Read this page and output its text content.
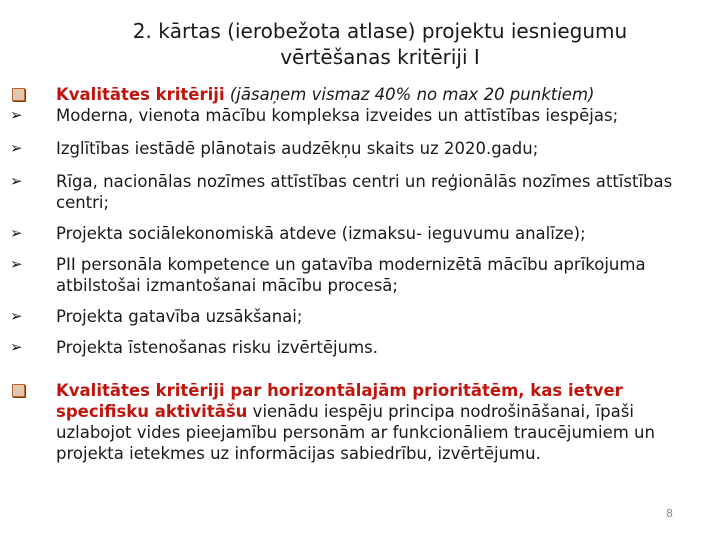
2. kārtas (ierobežota atlase) projektu iesniegumu
vērtēšanas kritēriji I
Kvalitātes kritēriji (jāsaņem vismaz 40% no max 20 punktiem)
➢ Moderna, vienota mācību kompleksa izveides un attīstības iespējas;
➢ Izglītības iestādē plānotais audzēkņu skaits uz 2020.gadu;
➢ Rīga, nacionālas nozīmes attīstības centri un reģionālās nozīmes attīstības centri;
➢ Projekta sociālekonomiskā atdeve (izmaksu- ieguvumu analīze);
➢ PII personāla kompetence un gatavība modernizētā mācību aprīkojuma atbilstošai izmantošanai mācību procesā;
➢ Projekta gatavība uzsākšanai;
➢ Projekta īstenošanas risku izvērtējums.
Kvalitātes kritēriji par horizontālajām prioritātēm, kas ietver specifisku aktivitāšu vienādu iespēju principa nodrošināšanai, īpaši uzlabojot vides pieejamību personām ar funkcionāliem traucējumiem un projekta ietekmes uz informācijas sabiedrību, izvērtējumu.
8
